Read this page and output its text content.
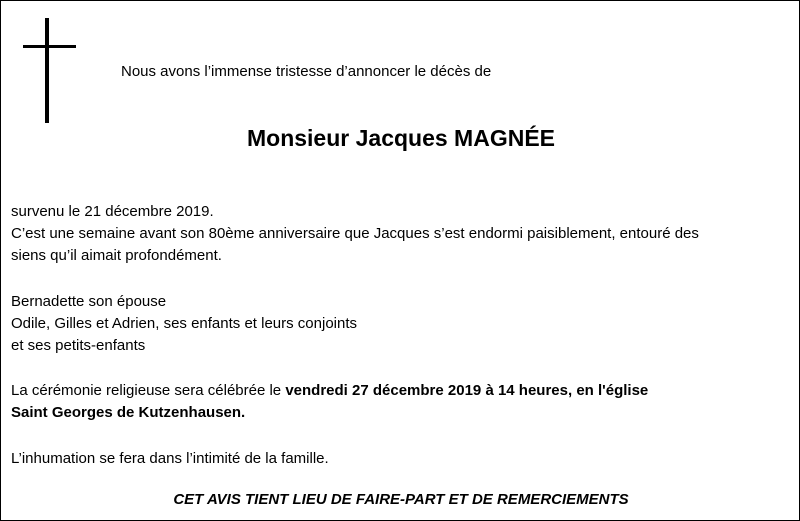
Nous avons l’immense tristesse d’annoncer le décès de
Monsieur Jacques MAGNÉE
survenu le 21 décembre 2019.
C’est une semaine avant son 80ème anniversaire que Jacques s’est endormi paisiblement, entouré des
siens qu’il aimait profondément.
Bernadette son épouse
Odile, Gilles et Adrien, ses enfants et leurs conjoints
et ses petits-enfants
La cérémonie religieuse sera célébrée le vendredi 27 décembre 2019 à 14 heures, en l'église
Saint Georges de Kutzenhausen.
L’inhumation se fera dans l’intimité de la famille.
CET AVIS TIENT LIEU DE FAIRE-PART ET DE REMERCIEMENTS
